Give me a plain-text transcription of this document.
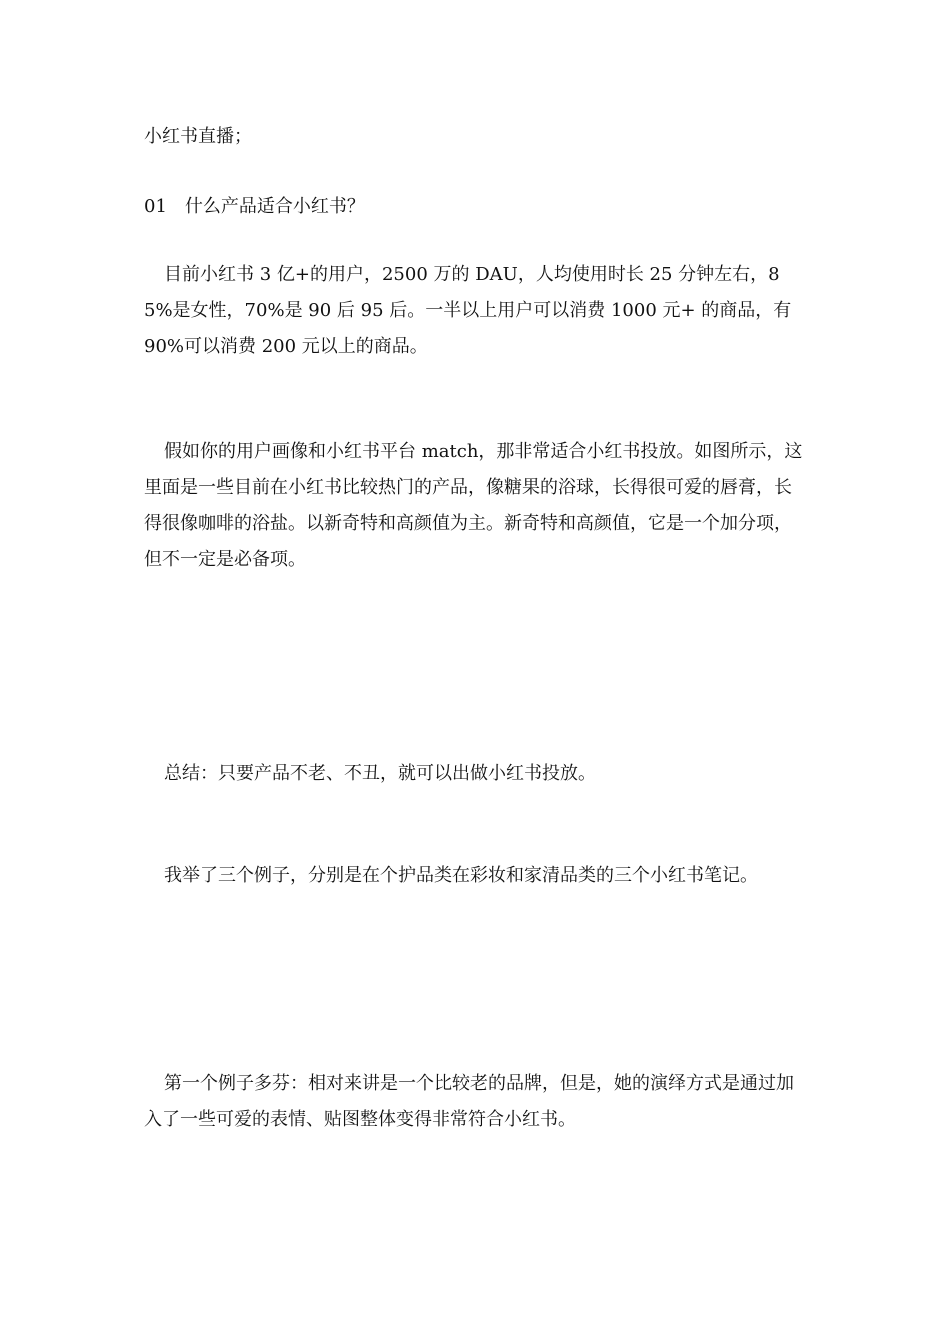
小红书直播；

01　什么产品适合小红书？

目前小红书 3 亿+的用户，2500 万的 DAU，人均使用时长 25 分钟左右，85%是女性，70%是 90 后 95 后。一半以上用户可以消费 1000 元+ 的商品，有 90%可以消费 200 元以上的商品。

假如你的用户画像和小红书平台 match，那非常适合小红书投放。如图所示，这里面是一些目前在小红书比较热门的产品，像糖果的浴球，长得很可爱的唇膏，长得很像咖啡的浴盐。以新奇特和高颜值为主。新奇特和高颜值，它是一个加分项，但不一定是必备项。

总结：只要产品不老、不丑，就可以出做小红书投放。

我举了三个例子，分别是在个护品类在彩妆和家清品类的三个小红书笔记。

第一个例子多芬：相对来讲是一个比较老的品牌，但是，她的演绎方式是通过加入了一些可爱的表情、贴图整体变得非常符合小红书。
